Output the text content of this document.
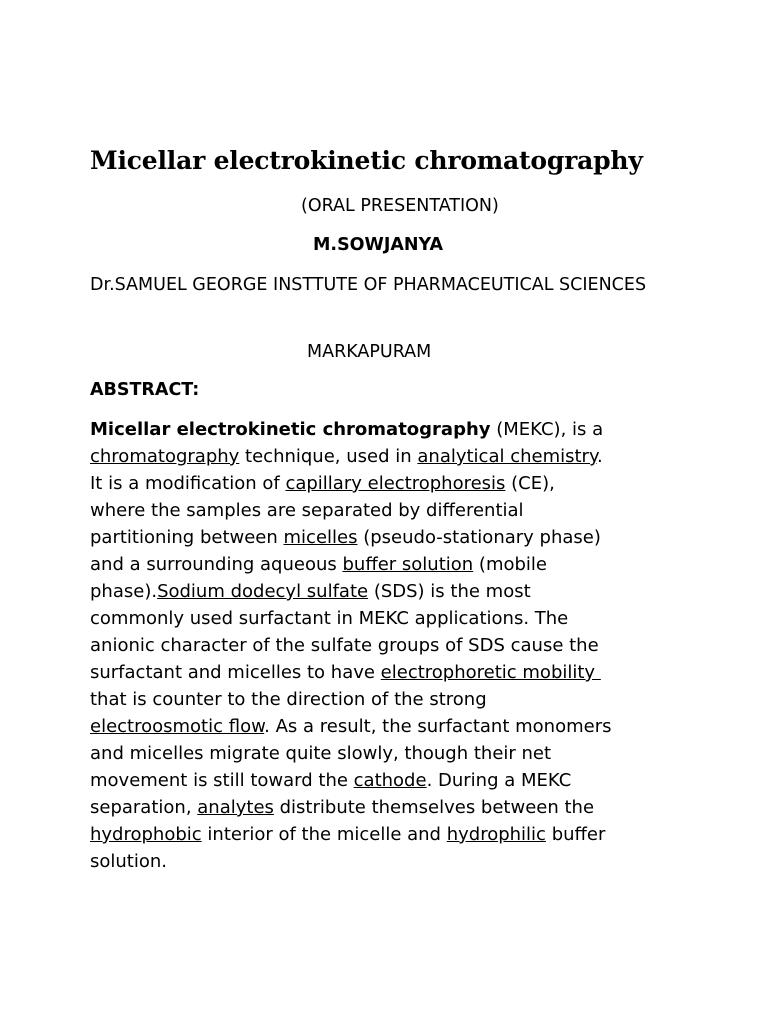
Micellar electrokinetic chromatography

(ORAL PRESENTATION)

M.SOWJANYA

Dr.SAMUEL GEORGE INSTTUTE OF PHARMACEUTICAL SCIENCES

MARKAPURAM

ABSTRACT:

Micellar electrokinetic chromatography (MEKC), is a
chromatography technique, used in analytical chemistry.
It is a modification of capillary electrophoresis (CE),
where the samples are separated by differential
partitioning between micelles (pseudo-stationary phase)
and a surrounding aqueous buffer solution (mobile
phase).Sodium dodecyl sulfate (SDS) is the most
commonly used surfactant in MEKC applications. The
anionic character of the sulfate groups of SDS cause the
surfactant and micelles to have electrophoretic mobility
that is counter to the direction of the strong
electroosmotic flow. As a result, the surfactant monomers
and micelles migrate quite slowly, though their net
movement is still toward the cathode. During a MEKC
separation, analytes distribute themselves between the
hydrophobic interior of the micelle and hydrophilic buffer
solution.
